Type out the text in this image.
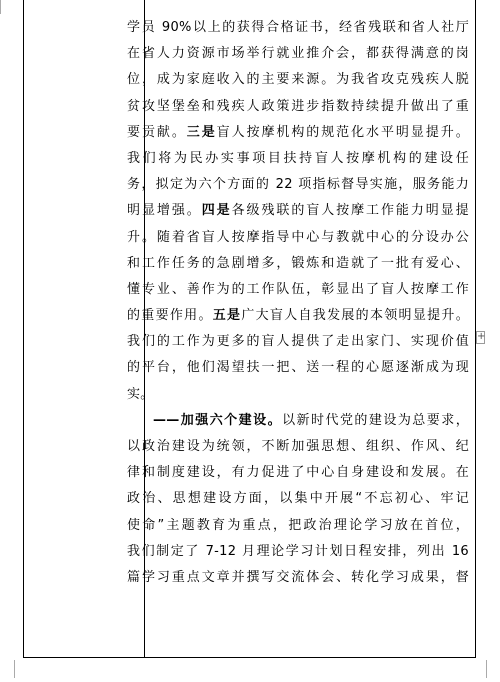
学员 90%以上的获得合格证书，经省残联和省人社厅
在省人力资源市场举行就业推介会，都获得满意的岗
位，成为家庭收入的主要来源。为我省攻克残疾人脱
贫攻坚堡垒和残疾人政策进步指数持续提升做出了重
要贡献。三是盲人按摩机构的规范化水平明显提升。
我们将为民办实事项目扶持盲人按摩机构的建设任
务，拟定为六个方面的 22 项指标督导实施，服务能力
明显增强。四是各级残联的盲人按摩工作能力明显提
升。随着省盲人按摩指导中心与教就中心的分设办公
和工作任务的急剧增多，锻炼和造就了一批有爱心、
懂专业、善作为的工作队伍，彰显出了盲人按摩工作
的重要作用。五是广大盲人自我发展的本领明显提升。
我们的工作为更多的盲人提供了走出家门、实现价值
的平台，他们渴望扶一把、送一程的心愿逐渐成为现
实。
——加强六个建设。以新时代党的建设为总要求，
以政治建设为统领，不断加强思想、组织、作风、纪
律和制度建设，有力促进了中心自身建设和发展。在
政治、思想建设方面，以集中开展“不忘初心、牢记
使命”主题教育为重点，把政治理论学习放在首位，
我们制定了 7-12 月理论学习计划日程安排，列出 16
篇学习重点文章并撰写交流体会、转化学习成果，督
+
